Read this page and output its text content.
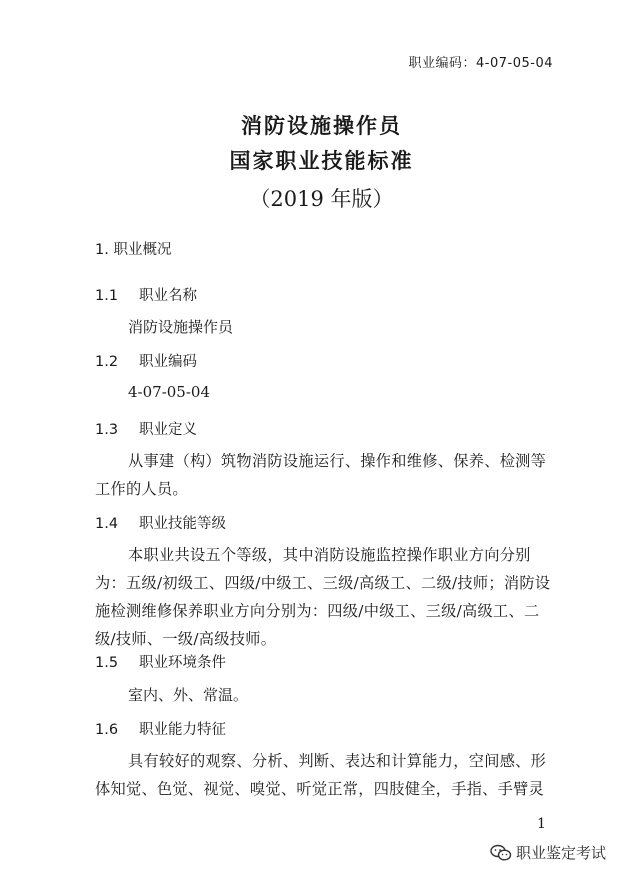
职业编码：4-07-05-04
消防设施操作员
国家职业技能标准
（2019 年版）
1. 职业概况
1.1 职业名称
消防设施操作员
1.2 职业编码
4-07-05-04
1.3 职业定义
从事建（构）筑物消防设施运行、操作和维修、保养、检测等工作的人员。
1.4 职业技能等级
本职业共设五个等级，其中消防设施监控操作职业方向分别为：五级/初级工、四级/中级工、三级/高级工、二级/技师；消防设施检测维修保养职业方向分别为：四级/中级工、三级/高级工、二级/技师、一级/高级技师。
1.5 职业环境条件
室内、外、常温。
1.6 职业能力特征
具有较好的观察、分析、判断、表达和计算能力，空间感、形体知觉、色觉、视觉、嗅觉、听觉正常，四肢健全，手指、手臂灵
1
职业鉴定考试
